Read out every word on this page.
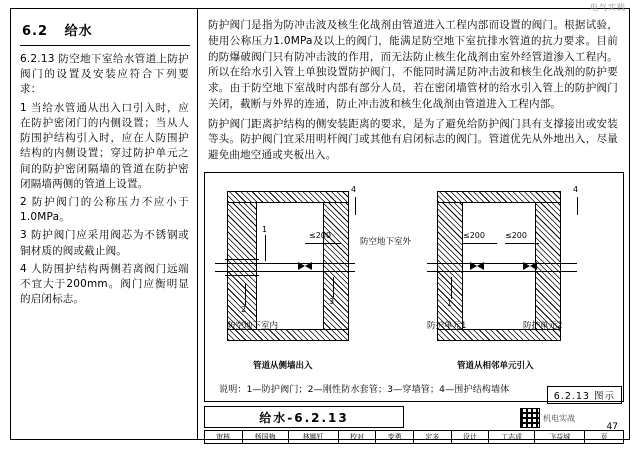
电气实践
6.2 给水

6.2.13 防空地下室给水管道上防护阀门的设置及安装应符合下列要求：

1 当给水管通从出入口引入时，应在防护密闭门的内侧设置；当从人防围护结构引入时，应在人防围护结构的内侧设置；穿过防护单元之间的防护密闭隔墙的管道在防护密闭隔墙两侧的管道上设置。

2 防护阀门的公称压力不应小于1.0MPa。

3 防护阀门应采用阀芯为不锈钢或铜材质的阀或截止阀。

4 人防围护结构两侧若离阀门远端不宜大于200mm。阀门应衡明显的启闭标志。

防护阀门是指为防冲击波及核生化战剂由管道进入工程内部而设置的阀门。根据试验，使用公称压力1.0MPa及以上的阀门，能满足防空地下室抗排水管道的抗力要求。目前的防爆破阀门只有防冲击波的作用，而无法防止核生化战剂由室外经管道渗入工程内。所以在给水引入管上单独设置防护阀门，不能同时满足防冲击波和核生化战剂的防护要求。由于防空地下室战时内部有部分人员，若在密闭墙管材的给水引入管上的防护阀门关闭，截断与外界的连通，防止冲击波和核生化战剂由管道进入工程内部。

防护阀门距离护结构的侧安装距离的要求，是为了避免给防护阀门具有支撑接出或安装等头。防护阀门宜采用明杆阀门或其他有启闭标志的阀门。管道优先从外地出入，尽量避免曲地空通或夹板出入。

≤200
1
2
3
4
防空地下室外
防空地下室内
管道从侧墙出入
≤200	≤200
1
4
防护单元1	防护单元2
管道从相邻单元引入
说明：1—防护阀门；2—刚性防水套管；3—穿墙管；4—围护结构墙体
6.2.13 图示
给水-6.2.13
审核	杨国梅	林娜钉	校对	变勇	定多	设计	工志成	飞益城	页
机电实战
47
